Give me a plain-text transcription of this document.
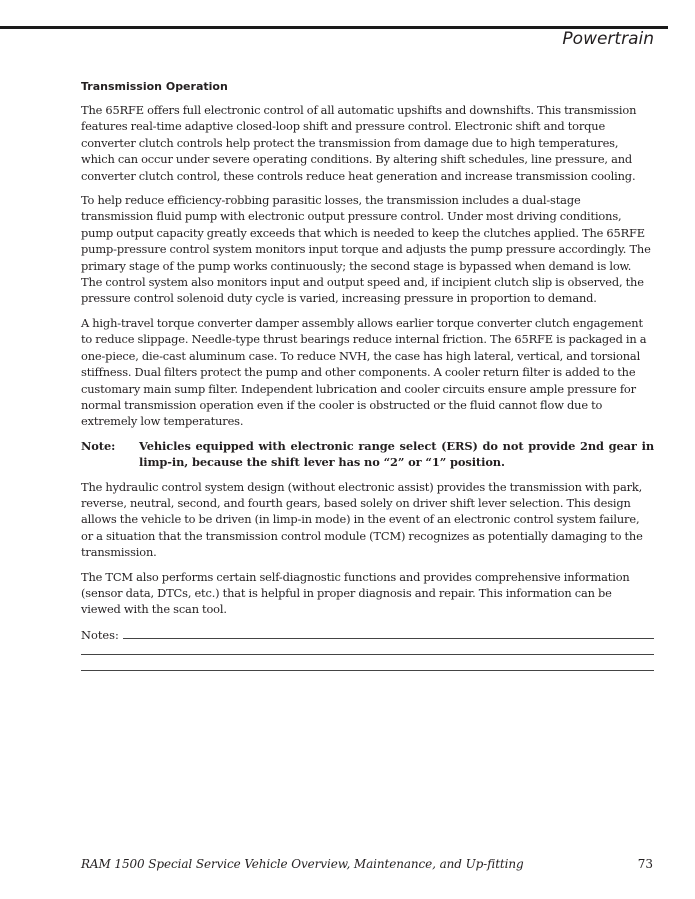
Powertrain
Transmission Operation

The 65RFE offers full electronic control of all automatic upshifts and downshifts. This transmission features real-time adaptive closed-loop shift and pressure control. Electronic shift and torque converter clutch controls help protect the transmission from damage due to high temperatures, which can occur under severe operating conditions. By altering shift schedules, line pressure, and converter clutch control, these controls reduce heat generation and increase transmission cooling.

To help reduce efficiency-robbing parasitic losses, the transmission includes a dual-stage transmission fluid pump with electronic output pressure control. Under most driving conditions, pump output capacity greatly exceeds that which is needed to keep the clutches applied. The 65RFE pump-pressure control system monitors input torque and adjusts the pump pressure accordingly. The primary stage of the pump works continuously; the second stage is bypassed when demand is low. The control system also monitors input and output speed and, if incipient clutch slip is observed, the pressure control solenoid duty cycle is varied, increasing pressure in proportion to demand.

A high-travel torque converter damper assembly allows earlier torque converter clutch engagement to reduce slippage. Needle-type thrust bearings reduce internal friction. The 65RFE is packaged in a one-piece, die-cast aluminum case. To reduce NVH, the case has high lateral, vertical, and torsional stiffness. Dual filters protect the pump and other components. A cooler return filter is added to the customary main sump filter. Independent lubrication and cooler circuits ensure ample pressure for normal transmission operation even if the cooler is obstructed or the fluid cannot flow due to extremely low temperatures.

Note:	Vehicles equipped with electronic range select (ERS) do not provide 2nd gear in limp-in, because the shift lever has no “2” or “1” position.

The hydraulic control system design (without electronic assist) provides the transmission with park, reverse, neutral, second, and fourth gears, based solely on driver shift lever selection. This design allows the vehicle to be driven (in limp-in mode) in the event of an electronic control system failure, or a situation that the transmission control module (TCM) recognizes as potentially damaging to the transmission.

The TCM also performs certain self-diagnostic functions and provides comprehensive information (sensor data, DTCs, etc.) that is helpful in proper diagnosis and repair. This information can be viewed with the scan tool.

Notes:
RAM 1500 Special Service Vehicle Overview, Maintenance, and Up-fitting	73
